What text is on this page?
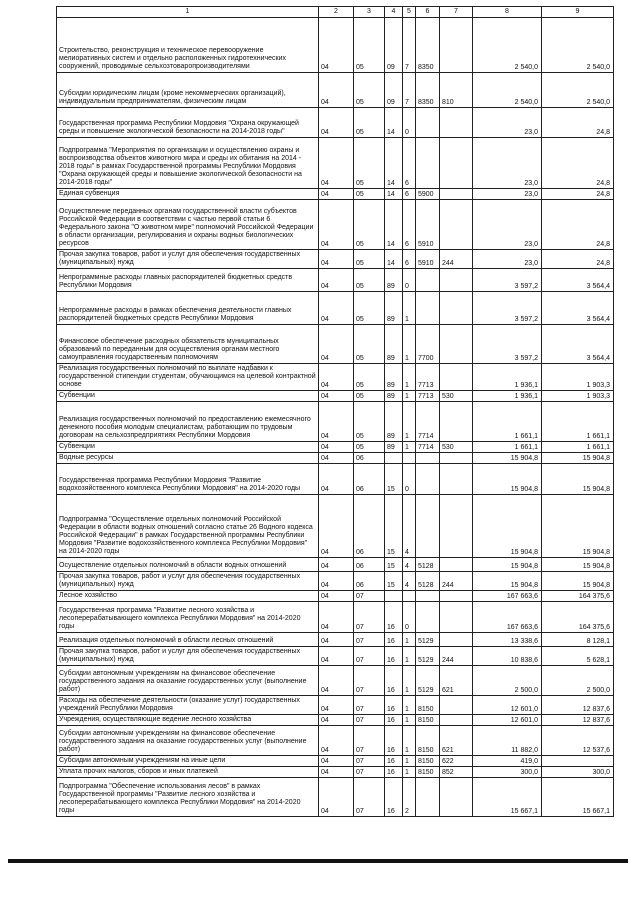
1	2	3	4	5	6	7	8	9
Строительство, реконструкция и техническое перевооружение мелиоративных систем и отдельно расположенных гидротехнических сооружений, проводимые сельхозтоваропроизводителями	04	05	09	7	8350		2 540,0	2 540,0
Субсидии юридическим лицам (кроме некоммерческих организаций), индивидуальным предпринимателям, физическим лицам	04	05	09	7	8350	810	2 540,0	2 540,0
Государственная программа Республики Мордовия "Охрана окружающей среды и повышение экологической безопасности на 2014-2018 годы"	04	05	14	0			23,0	24,8
Подпрограмма "Мероприятия по организации и осуществлению охраны и воспроизводства объектов животного мира и среды их обитания на 2014 - 2018 годы" в рамках Государственной программы Республики Мордовия "Охрана окружающей среды и повышение экологической безопасности на 2014-2018 годы"	04	05	14	6			23,0	24,8
Единая субвенция	04	05	14	6	5900		23,0	24,8
Осуществление переданных органам государственной власти субъектов Российской Федерации в соответствии с частью первой статьи 6 Федерального закона "О животном мире" полномочий Российской Федерации в области организации, регулирования и охраны водных биологических ресурсов	04	05	14	6	5910		23,0	24,8
Прочая закупка товаров, работ и услуг для обеспечения государственных (муниципальных) нужд	04	05	14	6	5910	244	23,0	24,8
Непрограммные расходы главных распорядителей бюджетных средств Республики Мордовия	04	05	89	0			3 597,2	3 564,4
Непрограммные расходы в рамках обеспечения деятельности главных распорядителей бюджетных средств Республики Мордовия	04	05	89	1			3 597,2	3 564,4
Финансовое обеспечение расходных обязательств муниципальных образований по переданным для осуществления органам местного самоуправления государственным полномочиям	04	05	89	1	7700		3 597,2	3 564,4
Реализация государственных полномочий по выплате надбавки к государственной стипендии студентам, обучающимся на целевой контрактной основе	04	05	89	1	7713		1 936,1	1 903,3
Субвенции	04	05	89	1	7713	530	1 936,1	1 903,3
Реализация государственных полномочий по предоставлению ежемесячного денежного пособия молодым специалистам, работающим по трудовым договорам на сельхозпредприятиях Республики Мордовия	04	05	89	1	7714		1 661,1	1 661,1
Субвенции	04	05	89	1	7714	530	1 661,1	1 661,1
Водные ресурсы	04	06					15 904,8	15 904,8
Государственная программа Республики Мордовия "Развитие водохозяйственного комплекса Республики Мордовия" на 2014-2020 годы	04	06	15	0			15 904,8	15 904,8
Подпрограмма "Осуществление отдельных полномочий Российской Федерации в области водных отношений согласно статье 26 Водного кодекса Российской Федерации" в рамках Государственной программы Республики Мордовия "Развитие водохозяйственного комплекса Республики Мордовия" на 2014-2020 годы	04	06	15	4			15 904,8	15 904,8
Осуществление отдельных полномочий в области водных отношений	04	06	15	4	5128		15 904,8	15 904,8
Прочая закупка товаров, работ и услуг для обеспечения государственных (муниципальных) нужд	04	06	15	4	5128	244	15 904,8	15 904,8
Лесное хозяйство	04	07					167 663,6	164 375,6
Государственная программа "Развитие лесного хозяйства и лесоперерабатывающего комплекса Республики Мордовия" на 2014-2020 годы	04	07	16	0			167 663,6	164 375,6
Реализация отдельных полномочий в области лесных отношений	04	07	16	1	5129		13 338,6	8 128,1
Прочая закупка товаров, работ и услуг для обеспечения государственных (муниципальных) нужд	04	07	16	1	5129	244	10 838,6	5 628,1
Субсидии автономным учреждениям на финансовое обеспечение государственного задания на оказание государственных услуг (выполнение работ)	04	07	16	1	5129	621	2 500,0	2 500,0
Расходы на обеспечение деятельности (оказание услуг) государственных учреждений Республики Мордовия	04	07	16	1	8150		12 601,0	12 837,6
Учреждения, осуществляющие ведение лесного хозяйства	04	07	16	1	8150		12 601,0	12 837,6
Субсидии автономным учреждениям на финансовое обеспечение государственного задания на оказание государственных услуг (выполнение работ)	04	07	16	1	8150	621	11 882,0	12 537,6
Субсидии автономным учреждениям на иные цели	04	07	16	1	8150	622	419,0	
Уплата прочих налогов, сборов и иных платежей	04	07	16	1	8150	852	300,0	300,0
Подпрограмма "Обеспечение использования лесов" в рамках Государственной программы "Развитие лесного хозяйства и лесоперерабатывающего комплекса Республики Мордовия" на 2014-2020 годы	04	07	16	2			15 667,1	15 667,1
